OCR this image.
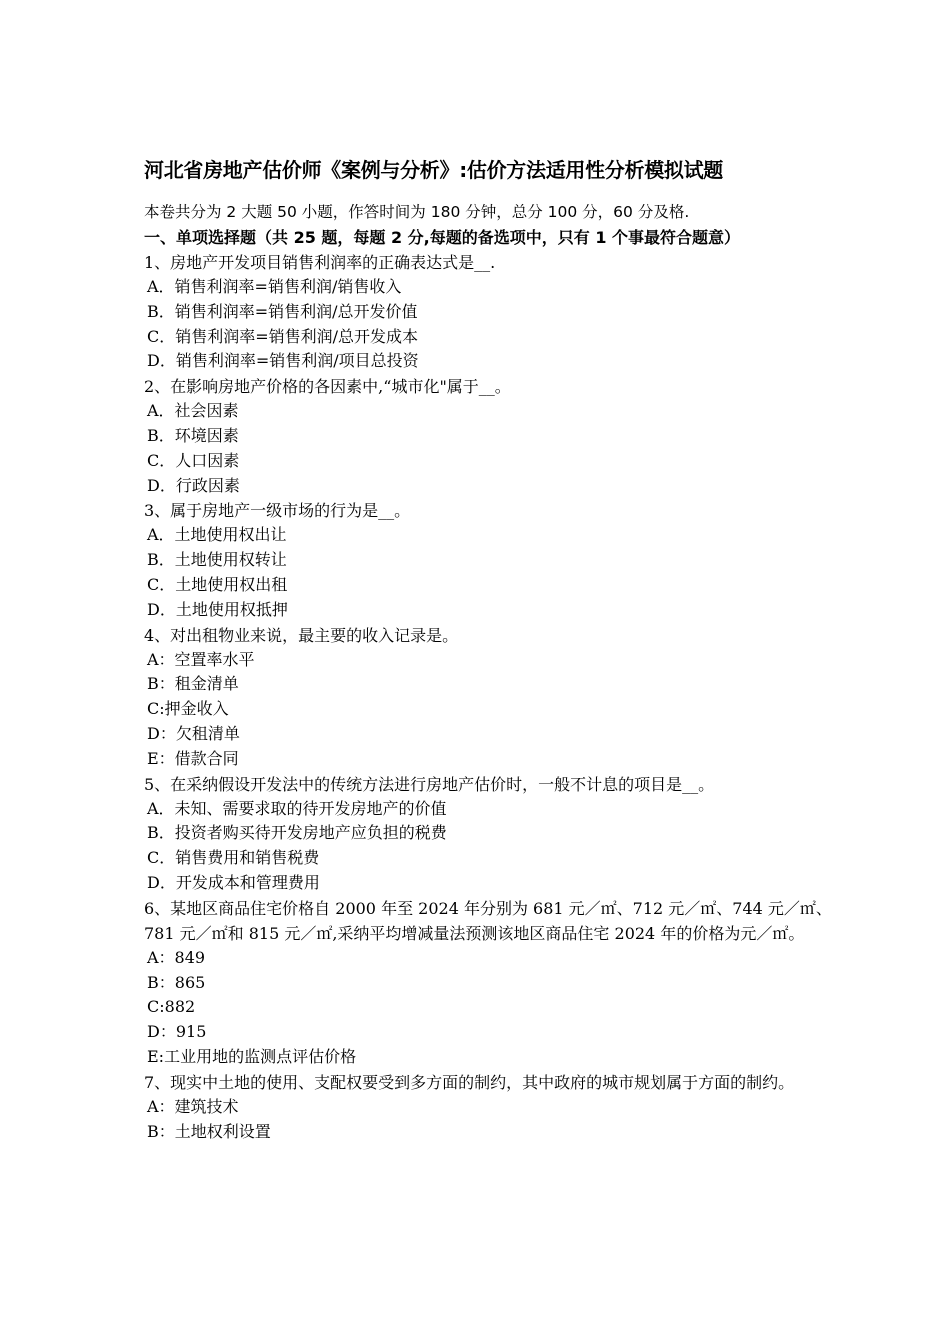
河北省房地产估价师《案例与分析》:估价方法适用性分析模拟试题

本卷共分为 2 大题 50 小题，作答时间为 180 分钟，总分 100 分，60 分及格.

一、单项选择题（共 25 题，每题 2 分,每题的备选项中，只有 1 个事最符合题意）

1、房地产开发项目销售利润率的正确表达式是__.

A．销售利润率=销售利润/销售收入

B．销售利润率=销售利润/总开发价值

C．销售利润率=销售利润/总开发成本

D．销售利润率=销售利润/项目总投资

2、在影响房地产价格的各因素中,“城市化"属于__。

A．社会因素

B．环境因素

C．人口因素

D．行政因素

3、属于房地产一级市场的行为是__。

A．土地使用权出让

B．土地使用权转让

C．土地使用权出租

D．土地使用权抵押

4、对出租物业来说，最主要的收入记录是。

A：空置率水平

B：租金清单

C:押金收入

D：欠租清单

E：借款合同

5、在采纳假设开发法中的传统方法进行房地产估价时，一般不计息的项目是__。

A．未知、需要求取的待开发房地产的价值

B．投资者购买待开发房地产应负担的税费

C．销售费用和销售税费

D．开发成本和管理费用

6、某地区商品住宅价格自 2000 年至 2024 年分别为 681 元／㎡、712 元／㎡、744 元／㎡、781 元／㎡和 815 元／㎡,采纳平均增减量法预测该地区商品住宅 2024 年的价格为元／㎡。

A：849

B：865

C:882

D：915

E:工业用地的监测点评估价格

7、现实中土地的使用、支配权要受到多方面的制约，其中政府的城市规划属于方面的制约。

A：建筑技术

B：土地权利设置
